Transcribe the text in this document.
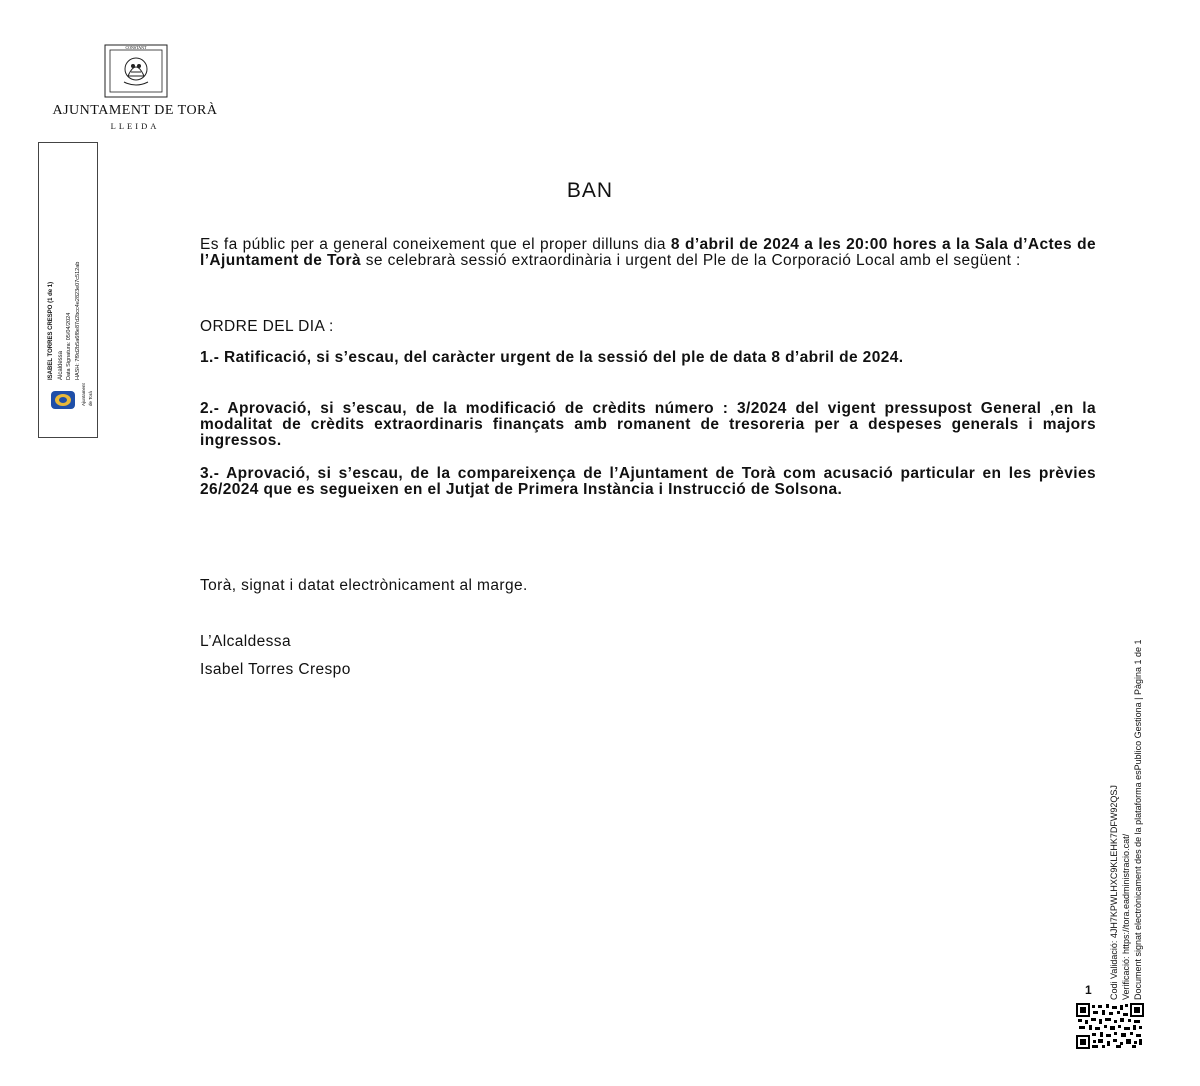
CONSTANT
AJUNTAMENT DE TORÀ
LLEIDA
ISABEL TORRES CRESPO (1 de 1) Alcaldessa Data Signatura: 05/04/2024 HASH: 7f9d2b5a6f8e87d2bcc4e2823e07c512ab
Ajuntament de Torà
BAN
Es fa públic per a general coneixement que el proper dilluns dia 8 d’abril de 2024 a les 20:00 hores a la Sala d’Actes de l’Ajuntament de Torà se celebrarà sessió extraordinària i urgent del Ple de la Corporació Local amb el següent :
ORDRE DEL DIA :
1.- Ratificació, si s’escau, del caràcter urgent de la sessió del ple de data 8 d’abril de 2024.
2.- Aprovació, si s’escau, de la modificació de crèdits número : 3/2024 del vigent pressupost General ,en la modalitat de crèdits extraordinaris finançats amb romanent de tresoreria per a despeses generals i majors ingressos.
3.- Aprovació, si s’escau, de la compareixença de l’Ajuntament de Torà com acusació particular en les prèvies 26/2024 que es segueixen en el Jutjat de Primera Instància i Instrucció de Solsona.
Torà, signat i datat electrònicament al marge.
L’Alcaldessa
Isabel Torres Crespo
Codi Validació: 4JH7KPWLHXC9KLEHK7DFW92QSJ Verificació: https://tora.eadministracio.cat/ Document signat electrònicament des de la plataforma esPublico Gestiona | Pàgina 1 de 1
1
